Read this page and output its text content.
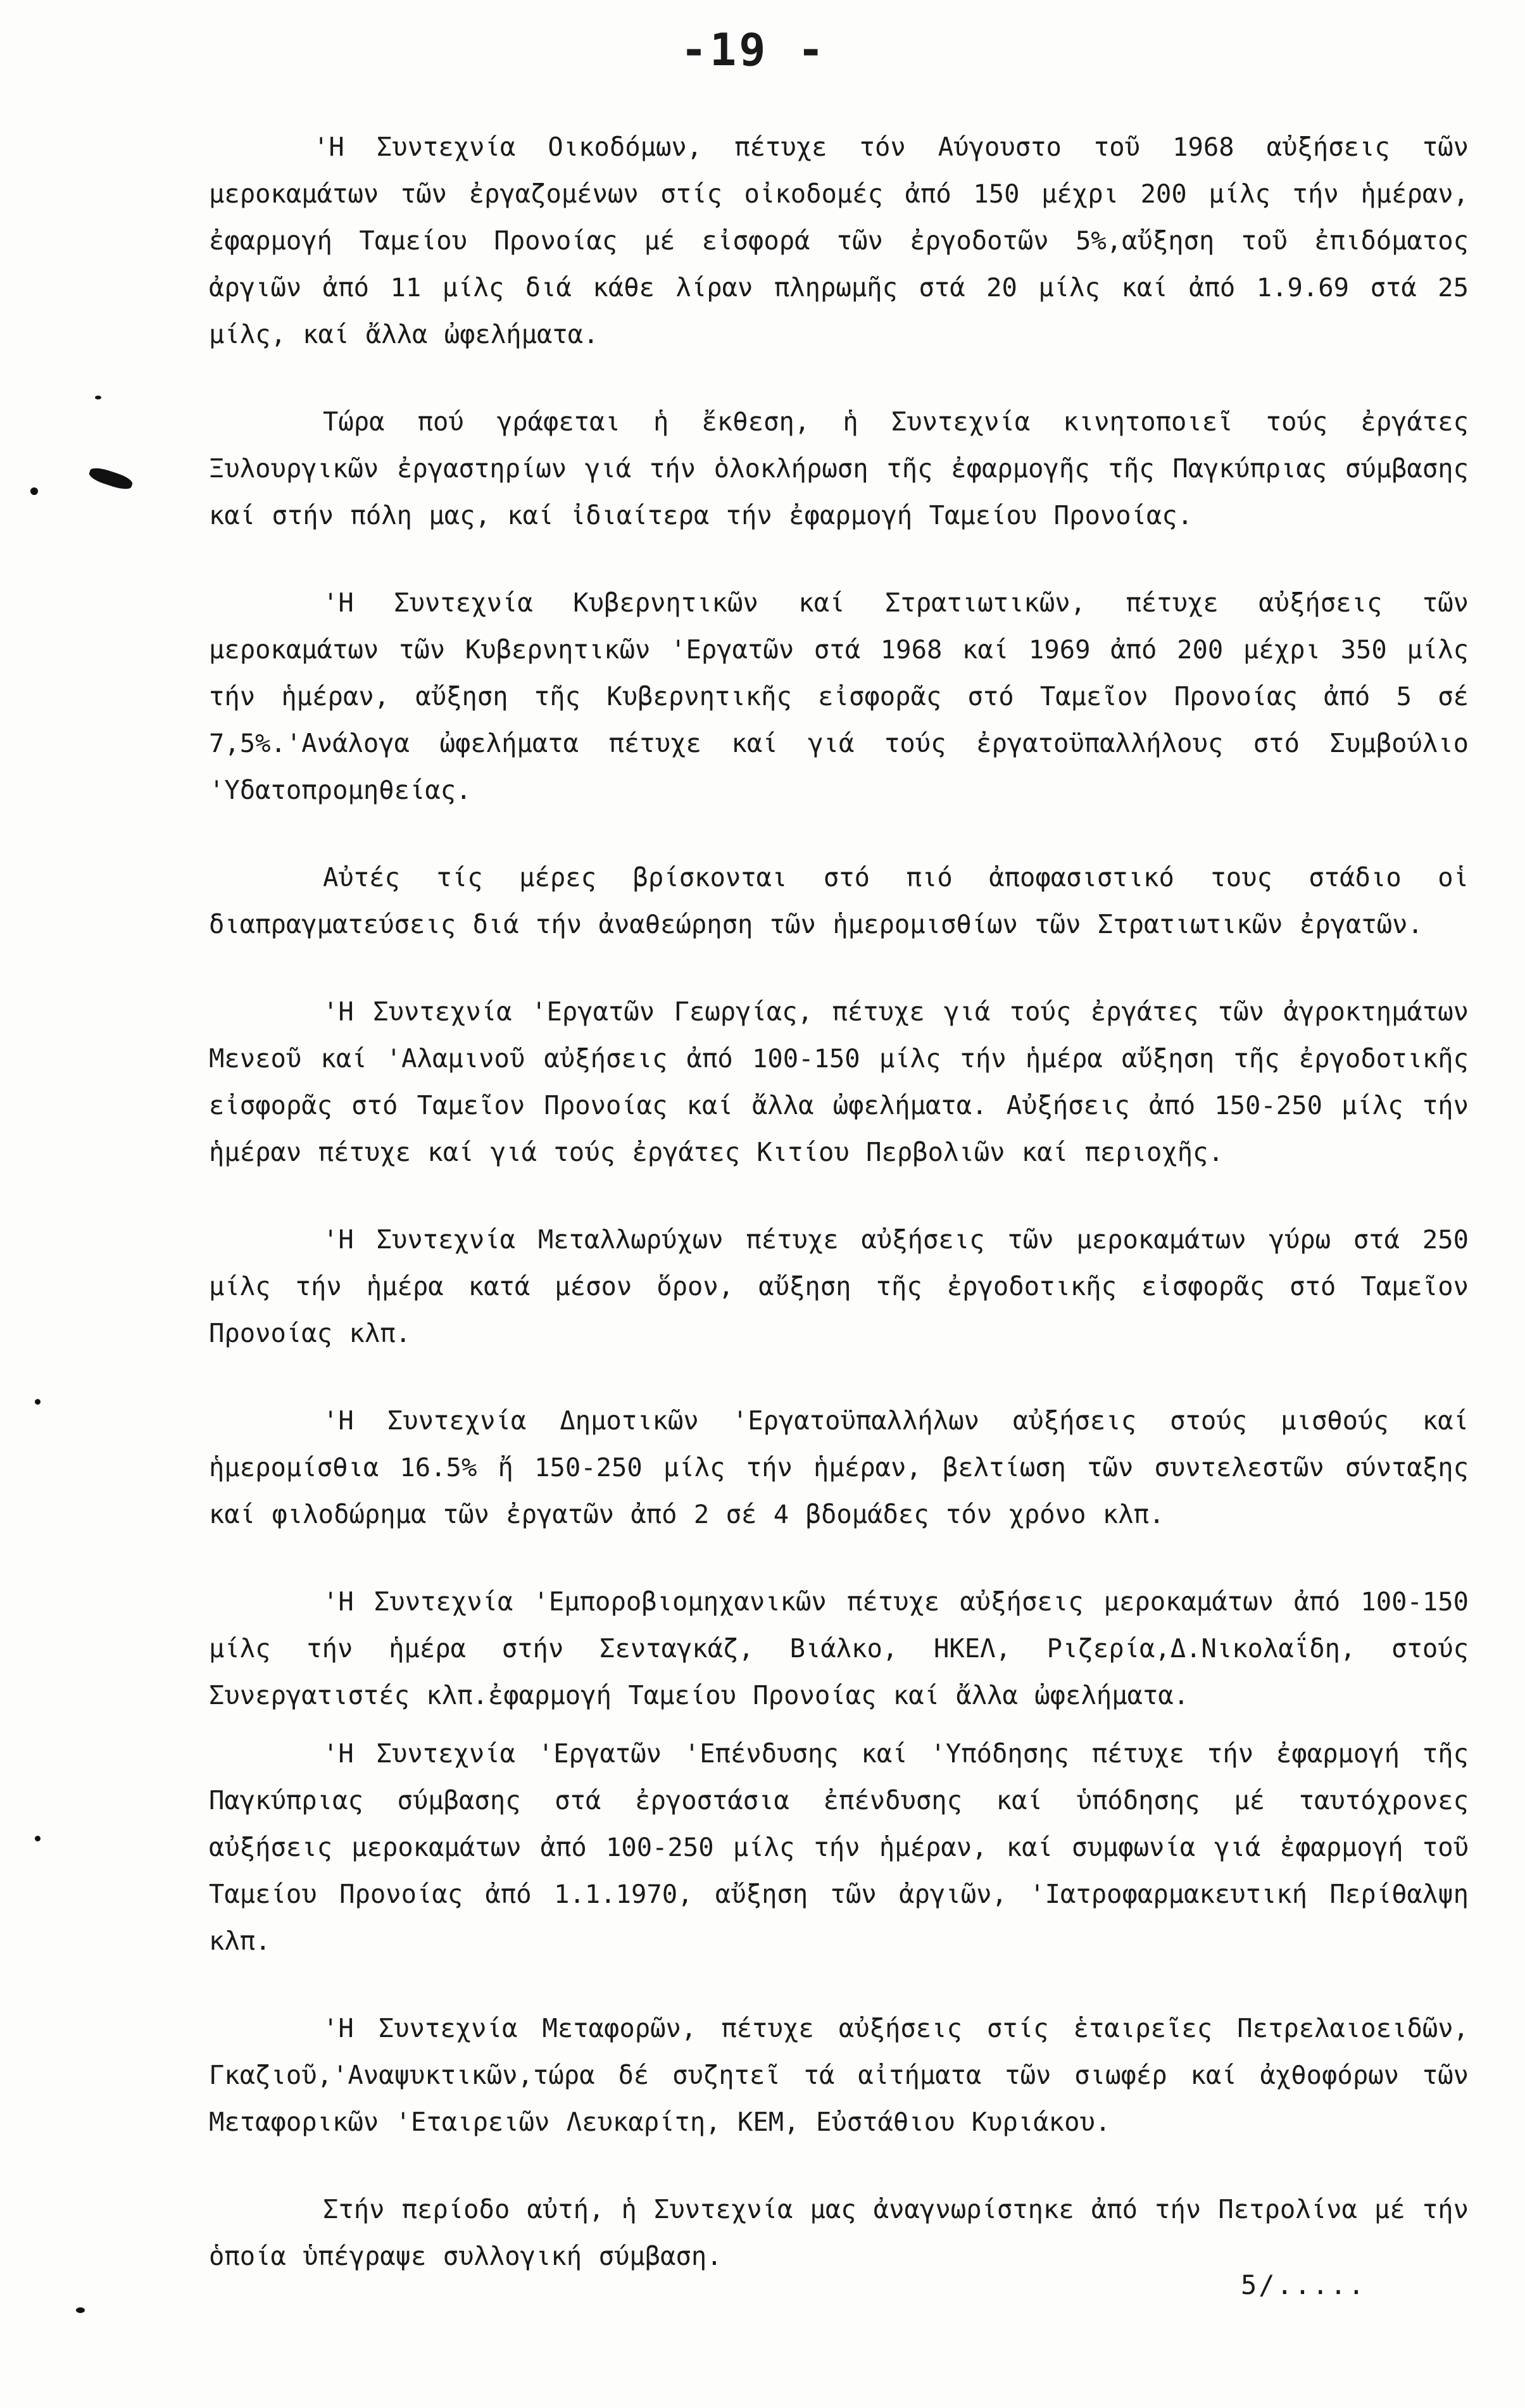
-19 -

'Η Συντεχνία Οικοδόμων, πέτυχε τόν Αύγουστο τοῦ 1968 αὐξήσεις τῶν μεροκαμάτων τῶν ἐργαζομένων στίς οἰκοδομές ἀπό 150 μέχρι 200 μίλς τήν ἡμέραν, ἐφαρμογή Ταμείου Προνοίας μέ εἰσφορά τῶν ἐργοδοτῶν 5%,αὔξηση τοῦ ἐπιδόματος ἀργιῶν ἀπό 11 μίλς διά κάθε λίραν πληρωμῆς στά 20 μίλς καί ἀπό 1.9.69 στά 25 μίλς, καί ἄλλα ὠφελήματα.

Τώρα πού γράφεται ἡ ἔκθεση, ἡ Συντεχνία κινητοποιεῖ τούς ἐργάτες Ξυλουργικῶν ἐργαστηρίων γιά τήν ὁλοκλήρωση τῆς ἐφαρμογῆς τῆς Παγκύπριας σύμβασης καί στήν πόλη μας, καί ἰδιαίτερα τήν ἐφαρμογή Ταμείου Προνοίας.

'Η Συντεχνία Κυβερνητικῶν καί Στρατιωτικῶν, πέτυχε αὐξήσεις τῶν μεροκαμάτων τῶν Κυβερνητικῶν 'Εργατῶν στά 1968 καί 1969 ἀπό 200 μέχρι 350 μίλς τήν ἡμέραν, αὔξηση τῆς Κυβερνητικῆς εἰσφορᾶς στό Ταμεῖον Προνοίας ἀπό 5 σέ 7,5%.'Ανάλογα ὠφελήματα πέτυχε καί γιά τούς ἐργατοϋπαλλήλους στό Συμβούλιο 'Υδατοπρομηθείας.

Αὐτές τίς μέρες βρίσκονται στό πιό ἀποφασιστικό τους στάδιο οἱ διαπραγματεύσεις διά τήν ἀναθεώρηση τῶν ἡμερομισθίων τῶν Στρατιωτικῶν ἐργατῶν.

'Η Συντεχνία 'Εργατῶν Γεωργίας, πέτυχε γιά τούς ἐργάτες τῶν ἀγροκτημάτων Μενεοῦ καί 'Αλαμινοῦ αὐξήσεις ἀπό 100-150 μίλς τήν ἡμέρα αὔξηση τῆς ἐργοδοτικῆς εἰσφορᾶς στό Ταμεῖον Προνοίας καί ἄλλα ὠφελήματα. Αὐξήσεις ἀπό 150-250 μίλς τήν ἡμέραν πέτυχε καί γιά τούς ἐργάτες Κιτίου Περβολιῶν καί περιοχῆς.

'Η Συντεχνία Μεταλλωρύχων πέτυχε αὐξήσεις τῶν μεροκαμάτων γύρω στά 250 μίλς τήν ἡμέρα κατά μέσον ὅρον, αὔξηση τῆς ἐργοδοτικῆς εἰσφορᾶς στό Ταμεῖον Προνοίας κλπ.

'Η Συντεχνία Δημοτικῶν 'Εργατοϋπαλλήλων αὐξήσεις στούς μισθούς καί ἡμερομίσθια 16.5% ἤ 150-250 μίλς τήν ἡμέραν, βελτίωση τῶν συντελεστῶν σύνταξης καί φιλοδώρημα τῶν ἐργατῶν ἀπό 2 σέ 4 βδομάδες τόν χρόνο κλπ.

'Η Συντεχνία 'Εμποροβιομηχανικῶν πέτυχε αὐξήσεις μεροκαμάτων ἀπό 100-150 μίλς τήν ἡμέρα στήν Σενταγκάζ, Βιάλκο, ΗΚΕΛ, Ριζερία,Δ.Νικολαΐδη, στούς Συνεργατιστές κλπ.ἐφαρμογή Ταμείου Προνοίας καί ἄλλα ὠφελήματα.

'Η Συντεχνία 'Εργατῶν 'Επένδυσης καί 'Υπόδησης πέτυχε τήν ἐφαρμογή τῆς Παγκύπριας σύμβασης στά ἐργοστάσια ἐπένδυσης καί ὑπόδησης μέ ταυτόχρονες αὐξήσεις μεροκαμάτων ἀπό 100-250 μίλς τήν ἡμέραν, καί συμφωνία γιά ἐφαρμογή τοῦ Ταμείου Προνοίας ἀπό 1.1.1970, αὔξηση τῶν ἀργιῶν, 'Ιατροφαρμακευτική Περίθαλψη κλπ.

'Η Συντεχνία Μεταφορῶν, πέτυχε αὐξήσεις στίς ἑταιρεῖες Πετρελαιοειδῶν, Γκαζιοῦ,'Αναψυκτικῶν,τώρα δέ συζητεῖ τά αἰτήματα τῶν σιωφέρ καί ἀχθοφόρων τῶν Μεταφορικῶν 'Εταιρειῶν Λευκαρίτη, ΚΕΜ, Εὐστάθιου Κυριάκου.

Στήν περίοδο αὐτή, ἡ Συντεχνία μας ἀναγνωρίστηκε ἀπό τήν Πετρολίνα μέ τήν ὁποία ὑπέγραψε συλλογική σύμβαση.

5/.....
